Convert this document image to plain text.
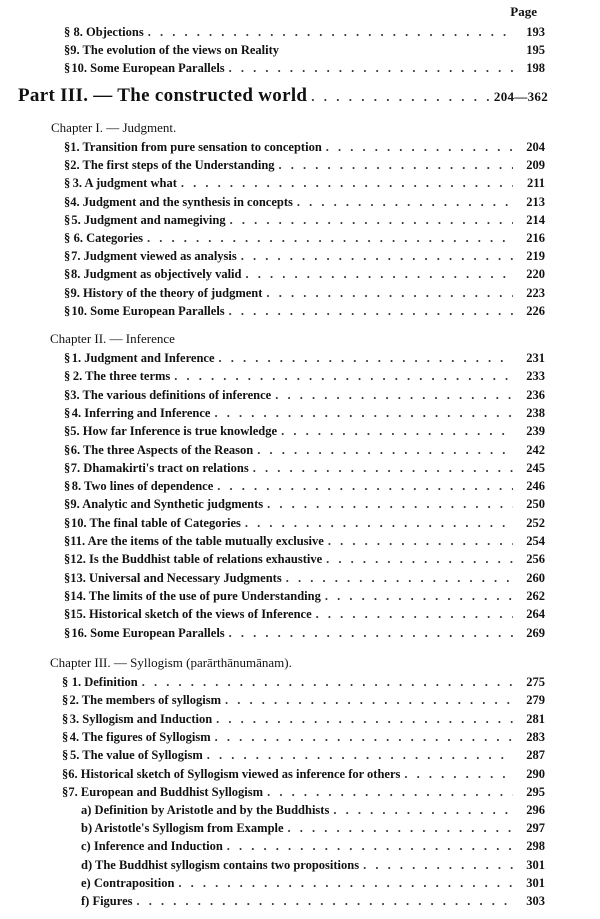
Page
§ 8. Objections . . .	193
§ 9. The evolution of the views on Reality	195
§ 10. Some European Parallels . . .	198
Part III. — The constructed world . . .	204—362
Chapter I. — Judgment.
§ 1. Transition from pure sensation to conception . . .	204
§ 2. The first steps of the Understanding . . .	209
§ 3. A judgment what . . .	211
§ 4. Judgment and the synthesis in concepts . . .	213
§ 5. Judgment and namegiving . . .	214
§ 6. Categories . . .	216
§ 7. Judgment viewed as analysis . . .	219
§ 8. Judgment as objectively valid . . .	220
§ 9. History of the theory of judgment . . .	223
§ 10. Some European Parallels . . .	226
Chapter II. — Inference
§ 1. Judgment and Inference . . .	231
§ 2. The three terms . . .	233
§ 3. The various definitions of inference . . .	236
§ 4. Inferring and Inference . . .	238
§ 5. How far Inference is true knowledge . . .	239
§ 6. The three Aspects of the Reason . . .	242
§ 7. Dhamakirti's tract on relations . . .	245
§ 8. Two lines of dependence . . .	246
§ 9. Analytic and Synthetic judgments . . .	250
§ 10. The final table of Categories . . .	252
§ 11. Are the items of the table mutually exclusive . . .	254
§ 12. Is the Buddhist table of relations exhaustive . . .	256
§ 13. Universal and Necessary Judgments . . .	260
§ 14. The limits of the use of pure Understanding . . .	262
§ 15. Historical sketch of the views of Inference . . .	264
§ 16. Some European Parallels . . .	269
Chapter III. — Syllogism (parārthānumānam).
§ 1. Definition . . .	275
§ 2. The members of syllogism . . .	279
§ 3. Syllogism and Induction . . .	281
§ 4. The figures of Syllogism . . .	283
§ 5. The value of Syllogism . . .	287
§ 6. Historical sketch of Syllogism viewed as inference for others . . .	290
§ 7. European and Buddhist Syllogism . . .	295
a) Definition by Aristotle and by the Buddhists . . .	296
b) Aristotle's Syllogism from Example . . .	297
c) Inference and Induction . . .	298
d) The Buddhist syllogism contains two propositions . . .	301
e) Contraposition . . .	301
f) Figures . . .	303
